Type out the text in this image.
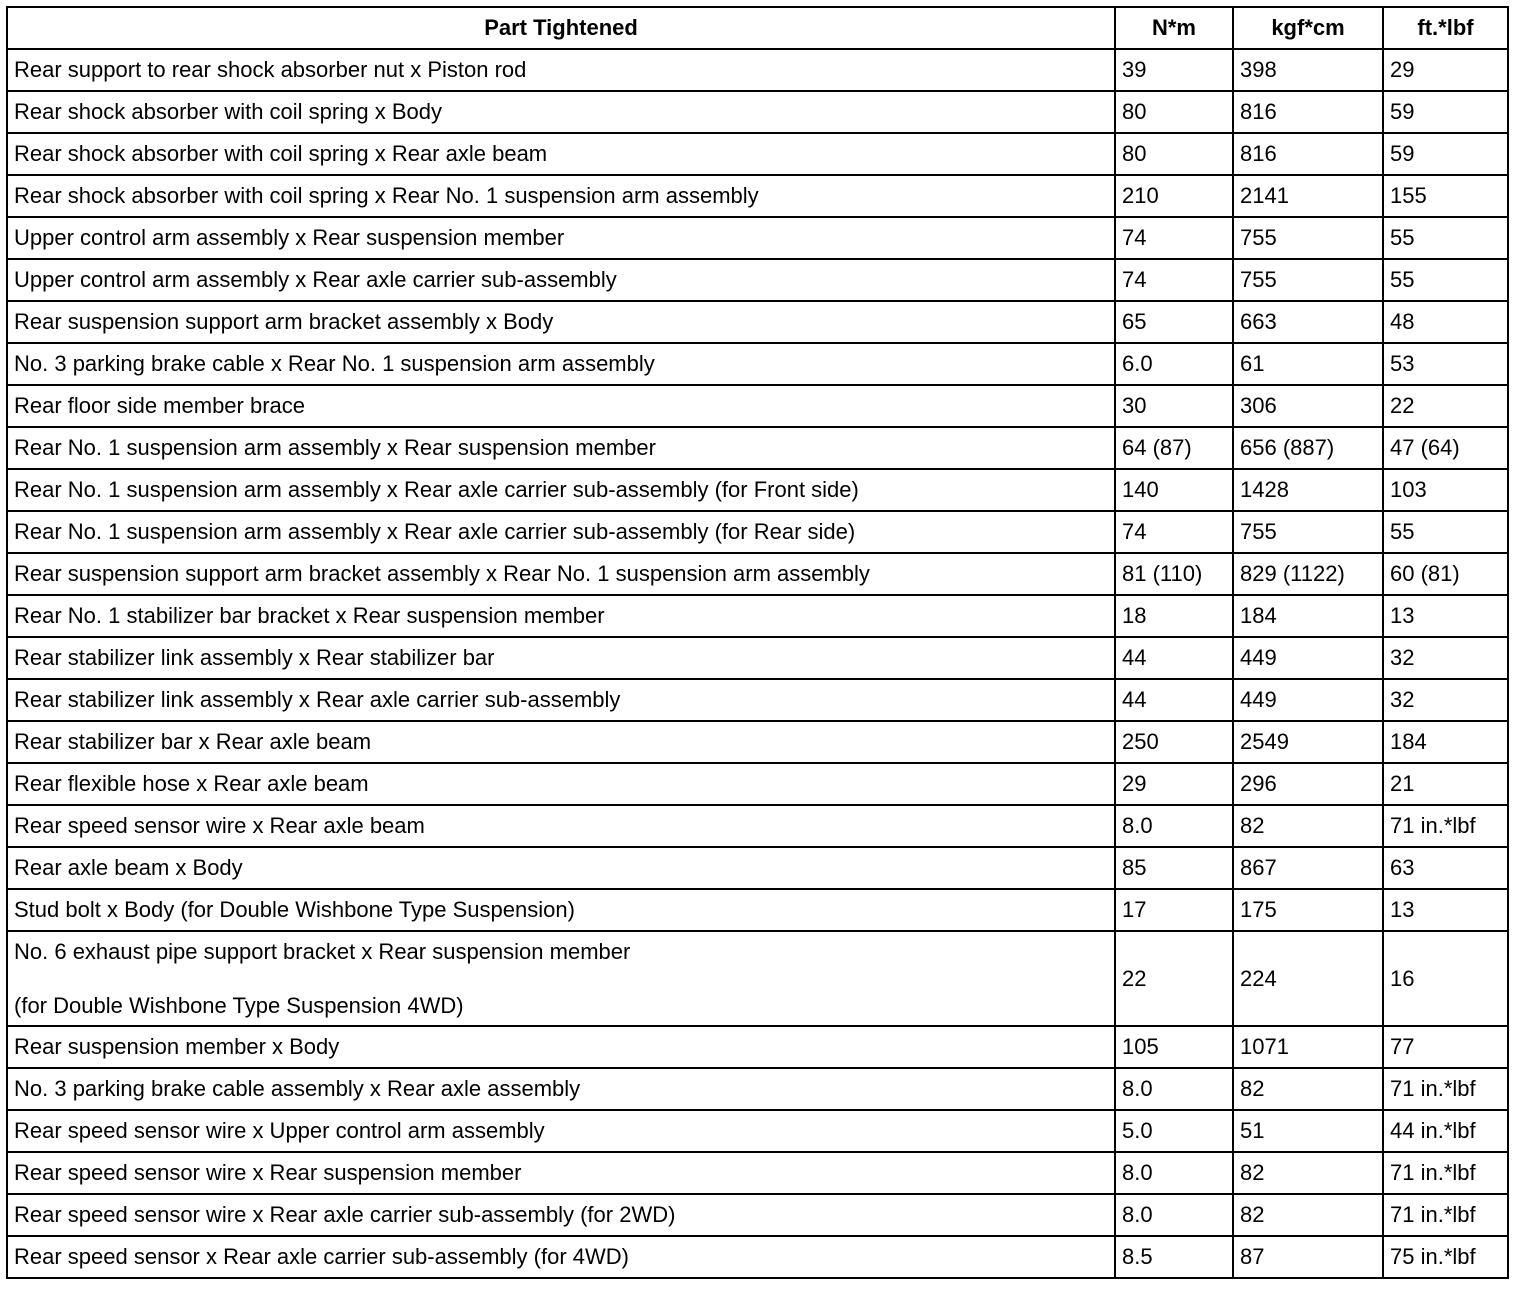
Part Tightened	N*m	kgf*cm	ft.*lbf
Rear support to rear shock absorber nut x Piston rod	39	398	29
Rear shock absorber with coil spring x Body	80	816	59
Rear shock absorber with coil spring x Rear axle beam	80	816	59
Rear shock absorber with coil spring x Rear No. 1 suspension arm assembly	210	2141	155
Upper control arm assembly x Rear suspension member	74	755	55
Upper control arm assembly x Rear axle carrier sub-assembly	74	755	55
Rear suspension support arm bracket assembly x Body	65	663	48
No. 3 parking brake cable x Rear No. 1 suspension arm assembly	6.0	61	53
Rear floor side member brace	30	306	22
Rear No. 1 suspension arm assembly x Rear suspension member	64 (87)	656 (887)	47 (64)
Rear No. 1 suspension arm assembly x Rear axle carrier sub-assembly (for Front side)	140	1428	103
Rear No. 1 suspension arm assembly x Rear axle carrier sub-assembly (for Rear side)	74	755	55
Rear suspension support arm bracket assembly x Rear No. 1 suspension arm assembly	81 (110)	829 (1122)	60 (81)
Rear No. 1 stabilizer bar bracket x Rear suspension member	18	184	13
Rear stabilizer link assembly x Rear stabilizer bar	44	449	32
Rear stabilizer link assembly x Rear axle carrier sub-assembly	44	449	32
Rear stabilizer bar x Rear axle beam	250	2549	184
Rear flexible hose x Rear axle beam	29	296	21
Rear speed sensor wire x Rear axle beam	8.0	82	71 in.*lbf
Rear axle beam x Body	85	867	63
Stud bolt x Body (for Double Wishbone Type Suspension)	17	175	13

No. 6 exhaust pipe support bracket x Rear suspension member
(for Double Wishbone Type Suspension 4WD)	22	224	16
Rear suspension member x Body	105	1071	77
No. 3 parking brake cable assembly x Rear axle assembly	8.0	82	71 in.*lbf
Rear speed sensor wire x Upper control arm assembly	5.0	51	44 in.*lbf
Rear speed sensor wire x Rear suspension member	8.0	82	71 in.*lbf
Rear speed sensor wire x Rear axle carrier sub-assembly (for 2WD)	8.0	82	71 in.*lbf
Rear speed sensor x Rear axle carrier sub-assembly (for 4WD)	8.5	87	75 in.*lbf
